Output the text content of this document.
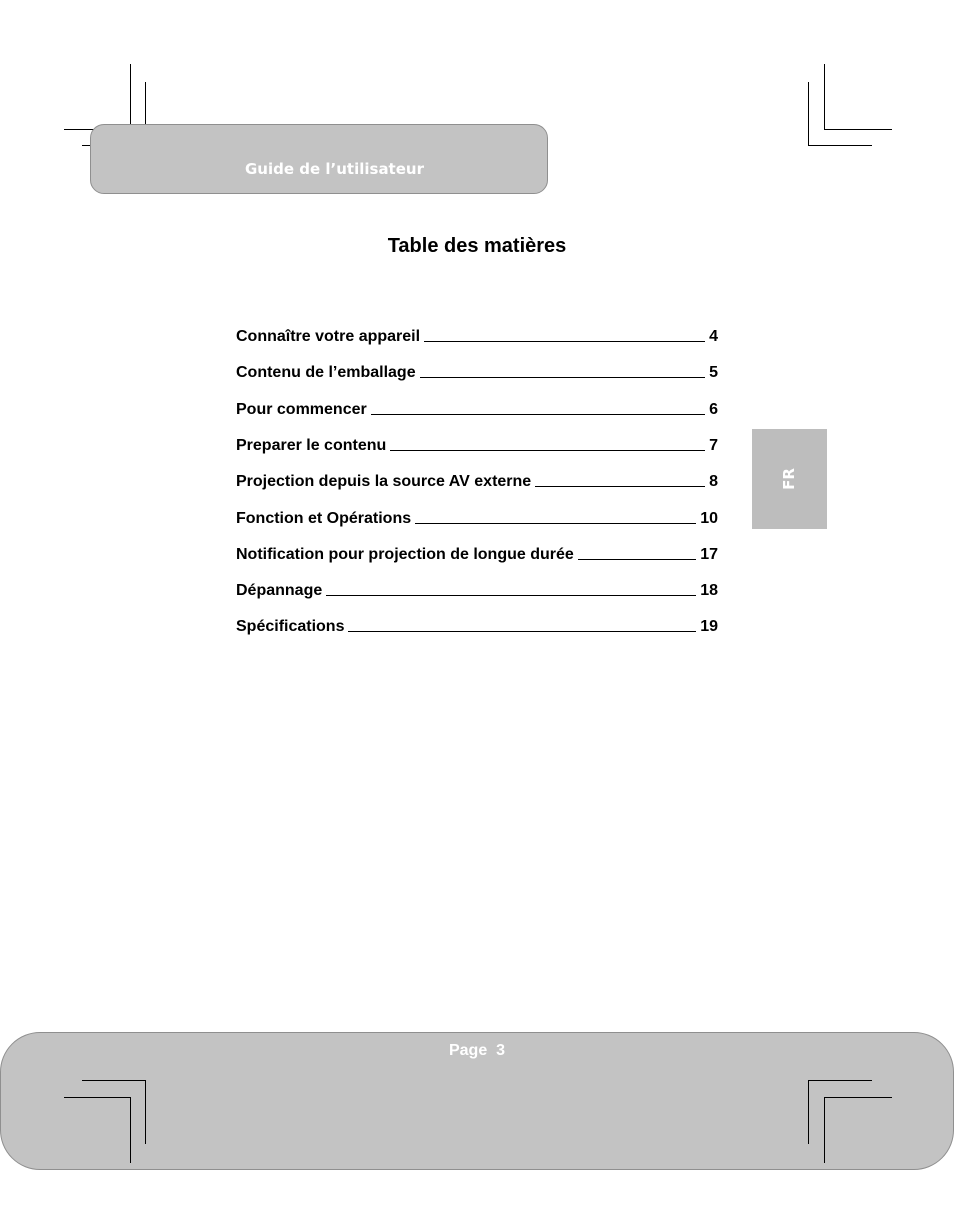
Guide de l’utilisateur
Table des matières
Connaître votre appareil	4
Contenu de l’emballage	5
Pour commencer	6
Preparer le contenu	7
Projection depuis la source AV externe	8
Fonction et Opérations	10
Notification pour projection de longue durée	17
Dépannage	18
Spécifications	19
FR
Page  3
